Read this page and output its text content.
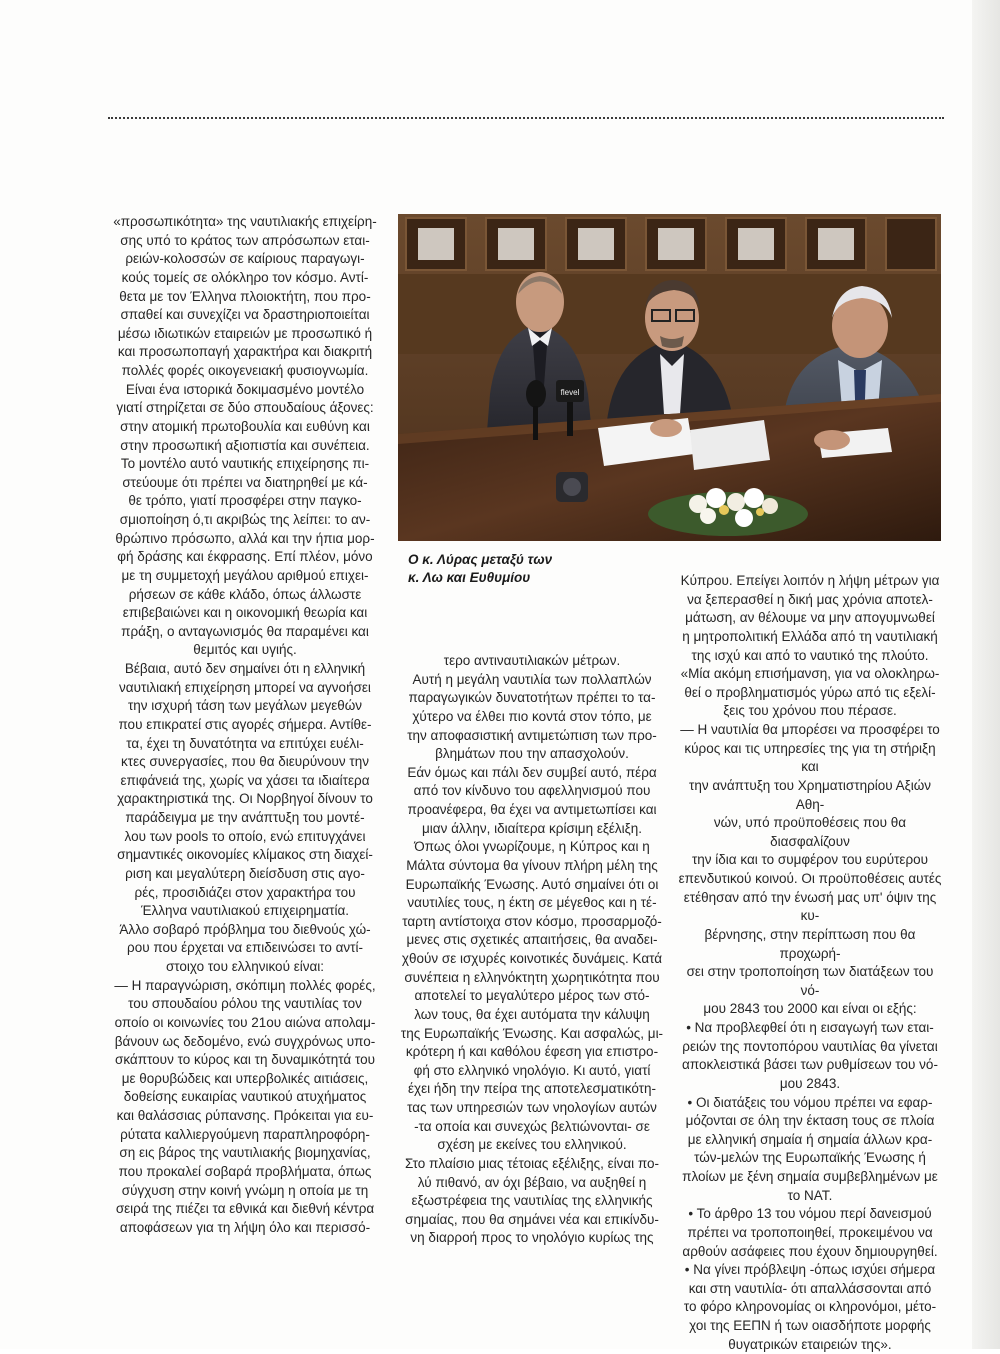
flevel
Ο κ. Λύρας μεταξύ των
κ. Λω και Ευθυμίου

«προσωπικότητα» της ναυτιλιακής επιχείρη-

σης υπό το κράτος των απρόσωπων εται-

ρειών-κολοσσών σε καίριους παραγωγι-

κούς τομείς σε ολόκληρο τον κόσμο. Αντί-

θετα με τον Έλληνα πλοιοκτήτη, που προ-

σπαθεί και συνεχίζει να δραστηριοποιείται

μέσω ιδιωτικών εταιρειών με προσωπικό ή

και προσωποπαγή χαρακτήρα και διακριτή

πολλές φορές οικογενειακή φυσιογνωμία.

Είναι ένα ιστορικά δοκιμασμένο μοντέλο

γιατί στηρίζεται σε δύο σπουδαίους άξονες:

στην ατομική πρωτοβουλία και ευθύνη και

στην προσωπική αξιοπιστία και συνέπεια.

Το μοντέλο αυτό ναυτικής επιχείρησης πι-

στεύουμε ότι πρέπει να διατηρηθεί με κά-

θε τρόπο, γιατί προσφέρει στην παγκο-

σμιοποίηση ό,τι ακριβώς της λείπει: το αν-

θρώπινο πρόσωπο, αλλά και την ήπια μορ-

φή δράσης και έκφρασης. Επί πλέον, μόνο

με τη συμμετοχή μεγάλου αριθμού επιχει-

ρήσεων σε κάθε κλάδο, όπως άλλωστε

επιβεβαιώνει και η οικονομική θεωρία και

πράξη, ο ανταγωνισμός θα παραμένει και

θεμιτός και υγιής.

Βέβαια, αυτό δεν σημαίνει ότι η ελληνική

ναυτιλιακή επιχείρηση μπορεί να αγνοήσει

την ισχυρή τάση των μεγάλων μεγεθών

που επικρατεί στις αγορές σήμερα. Αντίθε-

τα, έχει τη δυνατότητα να επιτύχει ευέλι-

κτες συνεργασίες, που θα διευρύνουν την

επιφάνειά της, χωρίς να χάσει τα ιδιαίτερα

χαρακτηριστικά της. Οι Νορβηγοί δίνουν το

παράδειγμα με την ανάπτυξη του μοντέ-

λου των pools το οποίο, ενώ επιτυγχάνει

σημαντικές οικονομίες κλίμακος στη διαχεί-

ριση και μεγαλύτερη διείσδυση στις αγο-

ρές, προσιδιάζει στον χαρακτήρα του

Έλληνα ναυτιλιακού επιχειρηματία.

Άλλο σοβαρό πρόβλημα του διεθνούς χώ-

ρου που έρχεται να επιδεινώσει το αντί-

στοιχο του ελληνικού είναι:

— Η παραγνώριση, σκόπιμη πολλές φορές,

του σπουδαίου ρόλου της ναυτιλίας τον

οποίο οι κοινωνίες του 21ου αιώνα απολαμ-

βάνουν ως δεδομένο, ενώ συγχρόνως υπο-

σκάπτουν το κύρος και τη δυναμικότητά του

με θορυβώδεις και υπερβολικές αιτιάσεις,

δοθείσης ευκαιρίας ναυτικού ατυχήματος

και θαλάσσιας ρύπανσης. Πρόκειται για ευ-

ρύτατα καλλιεργούμενη παραπληροφόρη-

ση εις βάρος της ναυτιλιακής βιομηχανίας,

που προκαλεί σοβαρά προβλήματα, όπως

σύγχυση στην κοινή γνώμη η οποία με τη

σειρά της πιέζει τα εθνικά και διεθνή κέντρα

αποφάσεων για τη λήψη όλο και περισσό-

τερο αντιναυτιλιακών μέτρων.

Αυτή η μεγάλη ναυτιλία των πολλαπλών

παραγωγικών δυνατοτήτων πρέπει το τα-

χύτερο να έλθει πιο κοντά στον τόπο, με

την αποφασιστική αντιμετώπιση των προ-

βλημάτων που την απασχολούν.

Εάν όμως και πάλι δεν συμβεί αυτό, πέρα

από τον κίνδυνο του αφελληνισμού που

προανέφερα, θα έχει να αντιμετωπίσει και

μιαν άλλην, ιδιαίτερα κρίσιμη εξέλιξη.

Όπως όλοι γνωρίζουμε, η Κύπρος και η

Μάλτα σύντομα θα γίνουν πλήρη μέλη της

Ευρωπαϊκής Ένωσης. Αυτό σημαίνει ότι οι

ναυτιλίες τους, η έκτη σε μέγεθος και η τέ-

ταρτη αντίστοιχα στον κόσμο, προσαρμοζό-

μενες στις σχετικές απαιτήσεις, θα αναδει-

χθούν σε ισχυρές κοινοτικές δυνάμεις. Κατά

συνέπεια η ελληνόκτητη χωρητικότητα που

αποτελεί το μεγαλύτερο μέρος των στό-

λων τους, θα έχει αυτόματα την κάλυψη

της Ευρωπαϊκής Ένωσης. Και ασφαλώς, μι-

κρότερη ή και καθόλου έφεση για επιστρο-

φή στο ελληνικό νηολόγιο. Κι αυτό, γιατί

έχει ήδη την πείρα της αποτελεσματικότη-

τας των υπηρεσιών των νηολογίων αυτών

-τα οποία και συνεχώς βελτιώνονται- σε

σχέση με εκείνες του ελληνικού.

Στο πλαίσιο μιας τέτοιας εξέλιξης, είναι πο-

λύ πιθανό, αν όχι βέβαιο, να αυξηθεί η

εξωστρέφεια της ναυτιλίας της ελληνικής

σημαίας, που θα σημάνει νέα και επικίνδυ-

νη διαρροή προς το νηολόγιο κυρίως της

Κύπρου. Επείγει λοιπόν η λήψη μέτρων για

να ξεπερασθεί η δική μας χρόνια αποτελ-

μάτωση, αν θέλουμε να μην απογυμνωθεί

η μητροπολιτική Ελλάδα από τη ναυτιλιακή

της ισχύ και από το ναυτικό της πλούτο.

«Μία ακόμη επισήμανση, για να ολοκληρω-

θεί ο προβληματισμός γύρω από τις εξελί-

ξεις του χρόνου που πέρασε.

— Η ναυτιλία θα μπορέσει να προσφέρει το

κύρος και τις υπηρεσίες της για τη στήριξη και

την ανάπτυξη του Χρηματιστηρίου Αξιών Αθη-

νών, υπό προϋποθέσεις που θα διασφαλίζουν

την ίδια και το συμφέρον του ευρύτερου

επενδυτικού κοινού. Οι προϋποθέσεις αυτές

ετέθησαν από την ένωσή μας υπ' όψιν της κυ-

βέρνησης, στην περίπτωση που θα προχωρή-

σει στην τροποποίηση των διατάξεων του νό-

μου 2843 του 2000 και είναι οι εξής:

• Να προβλεφθεί ότι η εισαγωγή των εται-

ρειών της ποντοπόρου ναυτιλίας θα γίνεται

αποκλειστικά βάσει των ρυθμίσεων του νό-

μου 2843.

• Οι διατάξεις του νόμου πρέπει να εφαρ-

μόζονται σε όλη την έκταση τους σε πλοία

με ελληνική σημαία ή σημαία άλλων κρα-

τών-μελών της Ευρωπαϊκής Ένωσης ή

πλοίων με ξένη σημαία συμβεβλημένων με

το ΝΑΤ.

• Το άρθρο 13 του νόμου περί δανεισμού

πρέπει να τροποποιηθεί, προκειμένου να

αρθούν ασάφειες που έχουν δημιουργηθεί.

• Να γίνει πρόβλεψη -όπως ισχύει σήμερα

και στη ναυτιλία- ότι απαλλάσσονται από

το φόρο κληρονομίας οι κληρονόμοι, μέτο-

χοι της ΕΕΠΝ ή των οιασδήποτε μορφής

θυγατρικών εταιρειών της».
